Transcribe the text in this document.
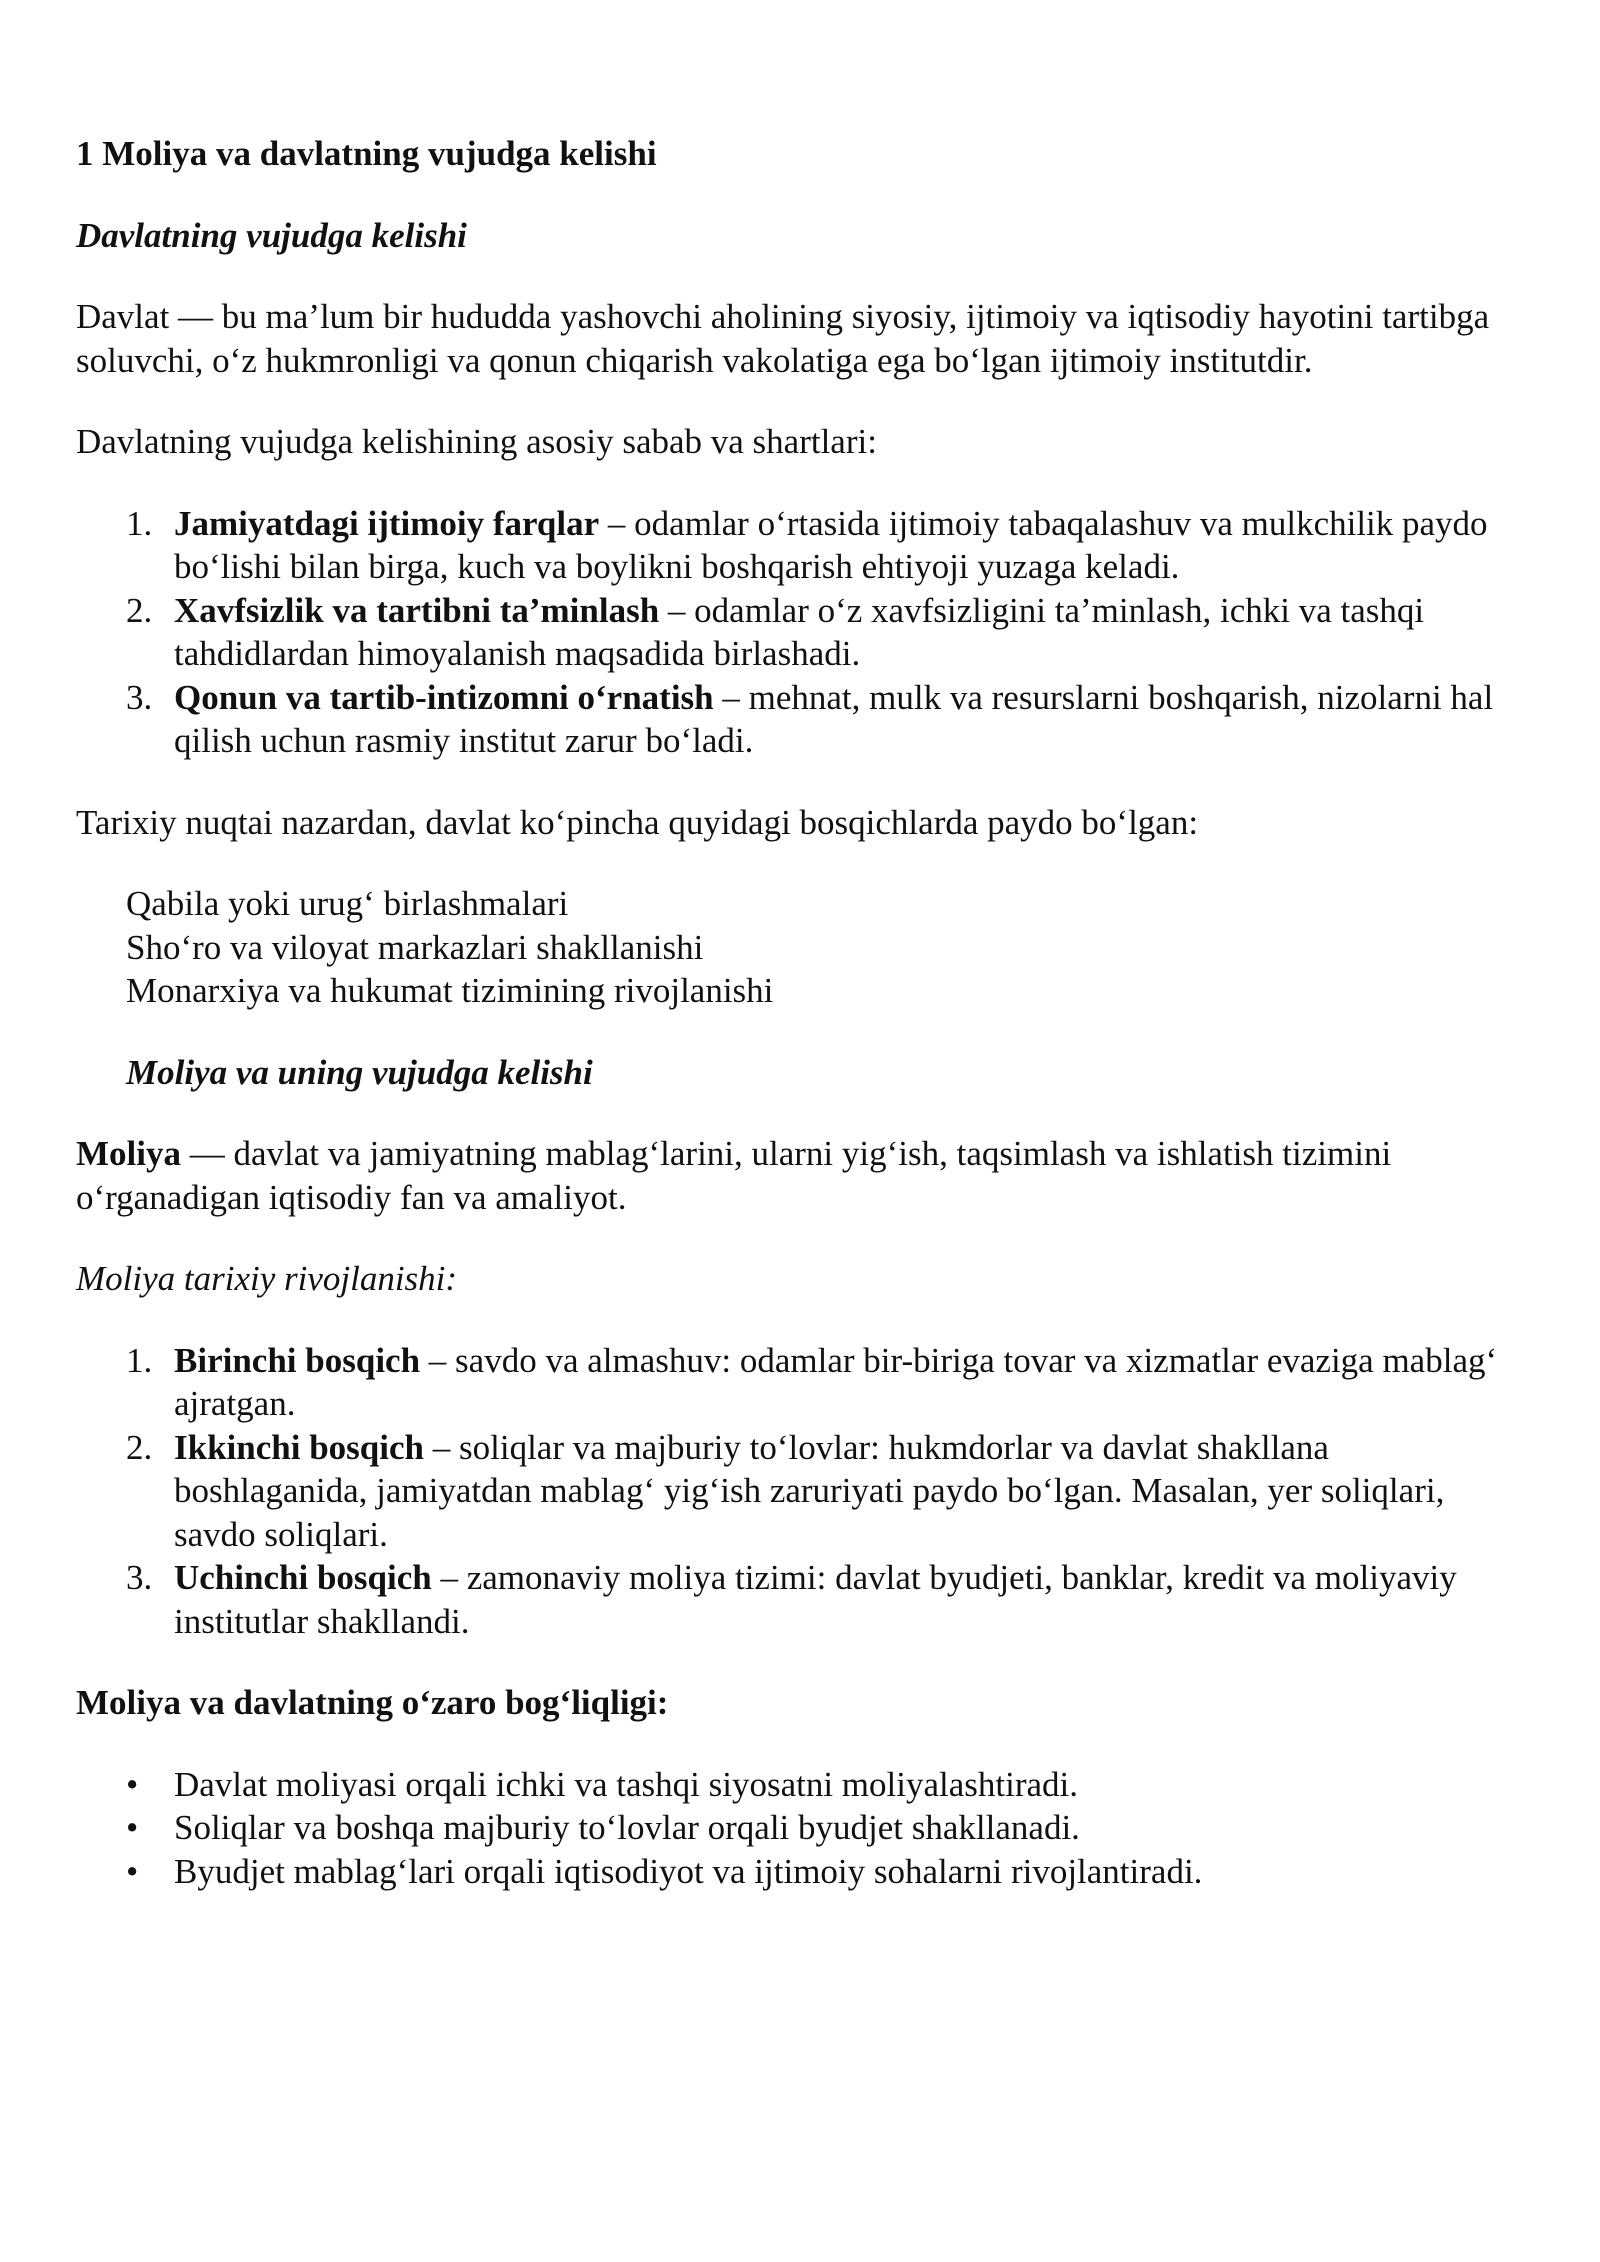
1 Moliya va davlatning vujudga kelishi

Davlatning vujudga kelishi

Davlat — bu ma’lum bir hududda yashovchi aholining siyosiy, ijtimoiy va iqtisodiy hayotini tartibga soluvchi, o‘z hukmronligi va qonun chiqarish vakolatiga ega bo‘lgan ijtimoiy institutdir.

Davlatning vujudga kelishining asosiy sabab va shartlari:

1. Jamiyatdagi ijtimoiy farqlar – odamlar o‘rtasida ijtimoiy tabaqalashuv va mulkchilik paydo bo‘lishi bilan birga, kuch va boylikni boshqarish ehtiyoji yuzaga keladi.
2. Xavfsizlik va tartibni ta’minlash – odamlar o‘z xavfsizligini ta’minlash, ichki va tashqi tahdidlardan himoyalanish maqsadida birlashadi.
3. Qonun va tartib-intizomni o‘rnatish – mehnat, mulk va resurslarni boshqarish, nizolarni hal qilish uchun rasmiy institut zarur bo‘ladi.

Tarixiy nuqtai nazardan, davlat ko‘pincha quyidagi bosqichlarda paydo bo‘lgan:

Qabila yoki urug‘ birlashmalari

Sho‘ro va viloyat markazlari shakllanishi

Monarxiya va hukumat tizimining rivojlanishi

Moliya va uning vujudga kelishi

Moliya — davlat va jamiyatning mablag‘larini, ularni yig‘ish, taqsimlash va ishlatish tizimini o‘rganadigan iqtisodiy fan va amaliyot.

Moliya tarixiy rivojlanishi:

1. Birinchi bosqich – savdo va almashuv: odamlar bir-biriga tovar va xizmatlar evaziga mablag‘ ajratgan.
2. Ikkinchi bosqich – soliqlar va majburiy to‘lovlar: hukmdorlar va davlat shakllana boshlaganida, jamiyatdan mablag‘ yig‘ish zaruriyati paydo bo‘lgan. Masalan, yer soliqlari, savdo soliqlari.
3. Uchinchi bosqich – zamonaviy moliya tizimi: davlat byudjeti, banklar, kredit va moliyaviy institutlar shakllandi.

Moliya va davlatning o‘zaro bog‘liqligi:

• Davlat moliyasi orqali ichki va tashqi siyosatni moliyalashtiradi.
• Soliqlar va boshqa majburiy to‘lovlar orqali byudjet shakllanadi.
• Byudjet mablag‘lari orqali iqtisodiyot va ijtimoiy sohalarni rivojlantiradi.
